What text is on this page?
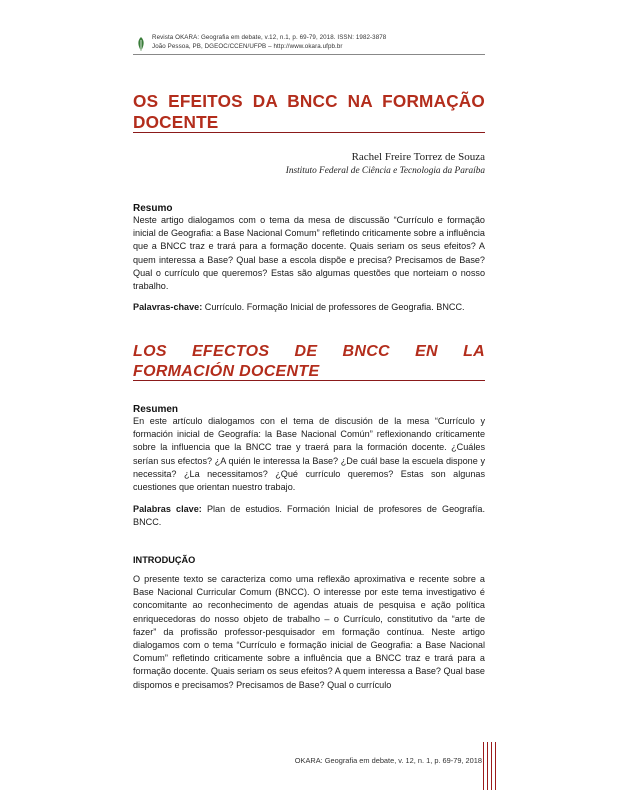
Revista OKARA: Geografia em debate, v.12, n.1, p. 69-79, 2018. ISSN: 1982-3878
João Pessoa, PB, DGEOC/CCEN/UFPB – http://www.okara.ufpb.br
OS EFEITOS DA BNCC NA FORMAÇÃO DOCENTE
Rachel Freire Torrez de Souza
Instituto Federal de Ciência e Tecnologia da Paraíba
Resumo
Neste artigo dialogamos com o tema da mesa de discussão “Currículo e formação inicial de Geografia: a Base Nacional Comum” refletindo criticamente sobre a influência que a BNCC traz e trará para a formação docente. Quais seriam os seus efeitos? A quem interessa a Base? Qual base a escola dispõe e precisa? Precisamos de Base? Qual o currículo que queremos? Estas são algumas questões que norteiam o nosso trabalho.
Palavras-chave: Currículo. Formação Inicial de professores de Geografia. BNCC.
LOS EFECTOS DE BNCC EN LA FORMACIÓN DOCENTE
Resumen
En este artículo dialogamos con el tema de discusión de la mesa “Currículo y formación inicial de Geografía: la Base Nacional Común” reflexionando críticamente sobre la influencia que la BNCC trae y traerá para la formación docente. ¿Cuáles serían sus efectos? ¿A quién le interessa la Base? ¿De cuál base la escuela dispone y necessita? ¿La necessitamos? ¿Qué currículo queremos? Estas son algunas cuestiones que orientan nuestro trabajo.
Palabras clave: Plan de estudios. Formación Inicial de profesores de Geografía. BNCC.
INTRODUÇÃO
O presente texto se caracteriza como uma reflexão aproximativa e recente sobre a Base Nacional Curricular Comum (BNCC). O interesse por este tema investigativo é concomitante ao reconhecimento de agendas atuais de pesquisa e ação política enriquecedoras do nosso objeto de trabalho – o Currículo, constitutivo da “arte de fazer” da profissão professor-pesquisador em formação contínua. Neste artigo dialogamos com o tema “Currículo e formação inicial de Geografia: a Base Nacional Comum” refletindo criticamente sobre a influência que a BNCC traz e trará para a formação docente. Quais seriam os seus efeitos? A quem interessa a Base? Qual base dispomos e precisamos? Precisamos de Base? Qual o currículo
OKARA: Geografia em debate, v. 12, n. 1, p. 69-79, 2018
